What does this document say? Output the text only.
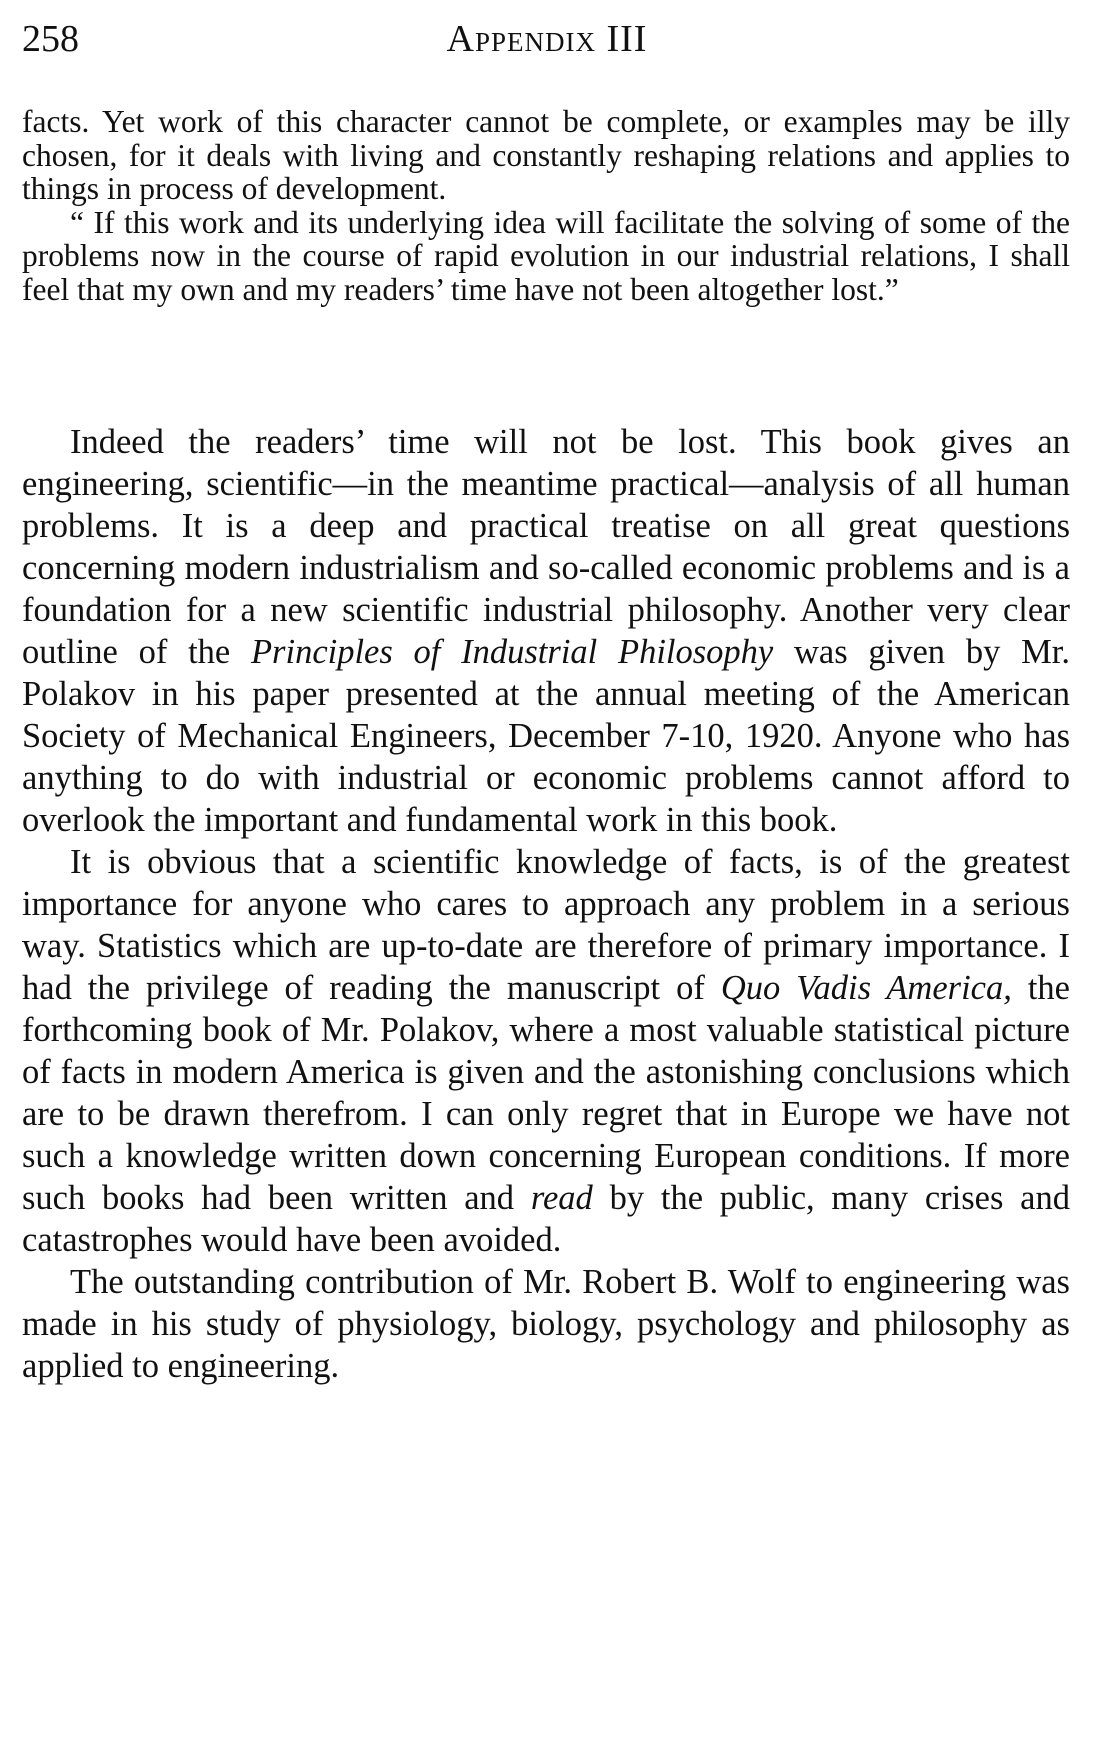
258	Appendix III

facts. Yet work of this character cannot be complete, or examples may be illy chosen, for it deals with living and constantly reshaping relations and applies to things in process of development.

“ If this work and its underlying idea will facilitate the solving of some of the problems now in the course of rapid evolution in our industrial relations, I shall feel that my own and my readers’ time have not been altogether lost.”

Indeed the readers’ time will not be lost. This book gives an engineering, scientific—in the meantime practical—analysis of all human problems. It is a deep and practical treatise on all great questions concerning modern industrialism and so-called economic problems and is a foundation for a new scientific industrial philosophy. Another very clear outline of the Principles of Industrial Philosophy was given by Mr. Polakov in his paper presented at the annual meeting of the American Society of Mechanical Engineers, December 7-10, 1920. Anyone who has anything to do with industrial or economic problems cannot afford to overlook the important and fundamental work in this book.

It is obvious that a scientific knowledge of facts, is of the greatest importance for anyone who cares to approach any problem in a serious way. Statistics which are up-to-date are therefore of primary importance. I had the privilege of reading the manuscript of Quo Vadis America, the forthcoming book of Mr. Polakov, where a most valuable statistical picture of facts in modern America is given and the astonishing conclusions which are to be drawn therefrom. I can only regret that in Europe we have not such a knowledge written down concerning European conditions. If more such books had been written and read by the public, many crises and catastrophes would have been avoided.

The outstanding contribution of Mr. Robert B. Wolf to engineering was made in his study of physiology, biology, psychology and philosophy as applied to engineering.
